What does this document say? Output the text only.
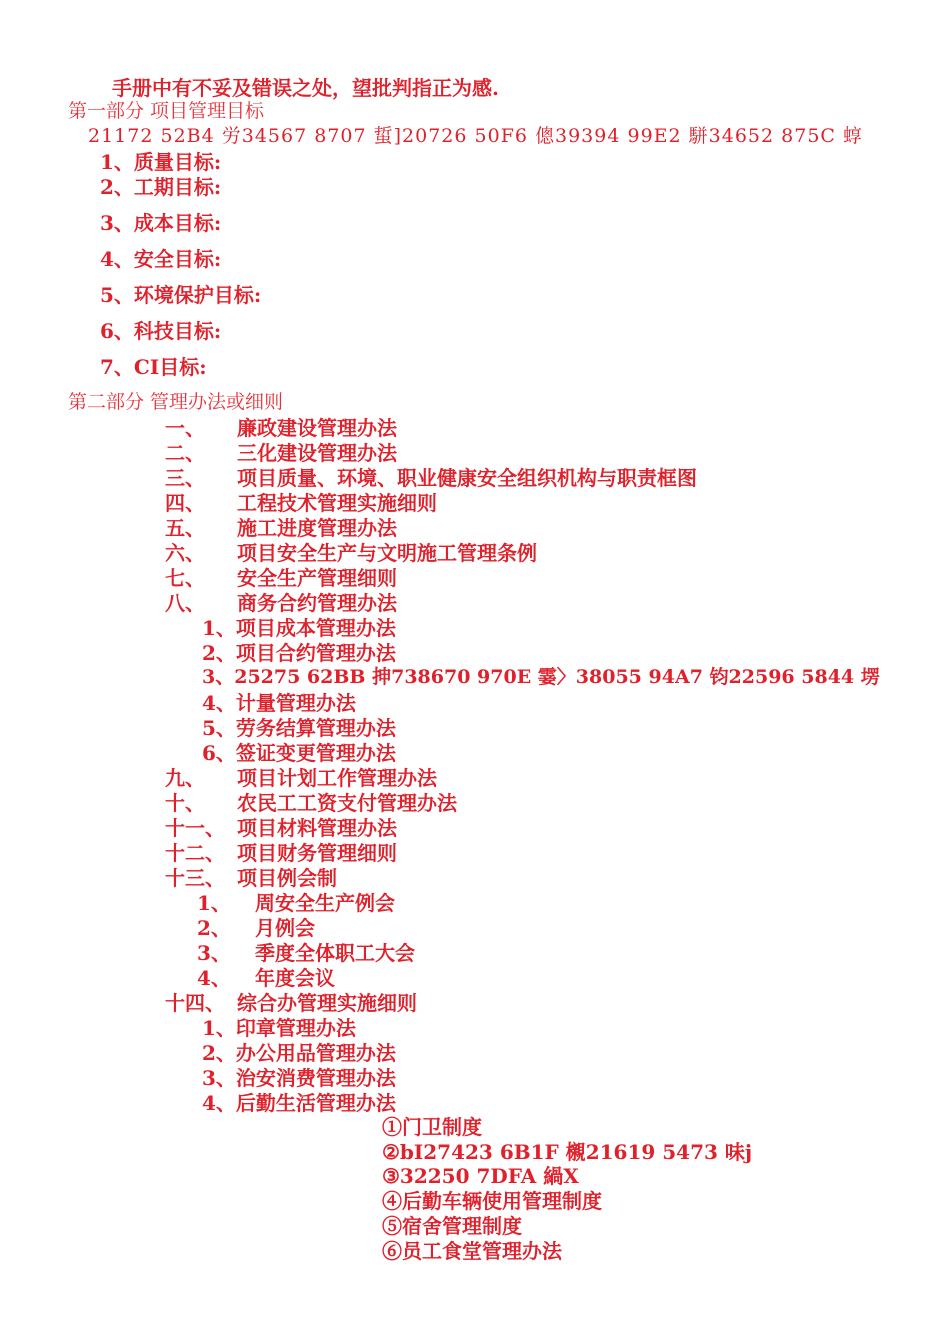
手册中有不妥及错误之处，望批判指正为感.
第一部分 项目管理目标
21172 52B4 労34567 8707 蜇]20726 50F6 傯39394 99E2 駢34652 875C 蜳
1、质量目标:
2、工期目标:
3、成本目标:
4、安全目标:
5、环境保护目标:
6、科技目标:
7、CI目标:
第二部分 管理办法或细则
一、 廉政建设管理办法
二、 三化建设管理办法
三、 项目质量、环境、职业健康安全组织机构与职责框图
四、 工程技术管理实施细则
五、 施工进度管理办法
六、 项目安全生产与文明施工管理条例
七、 安全生产管理细则
八、 商务合约管理办法
1、项目成本管理办法
2、项目合约管理办法
3、25275 62BB 抻738670 970E 霎〉38055 94A7 钧22596 5844 塄
4、计量管理办法
5、劳务结算管理办法
6、签证变更管理办法
九、 项目计划工作管理办法
十、 农民工工资支付管理办法
十一、 项目材料管理办法
十二、 项目财务管理细则
十三、 项目例会制
1、 周安全生产例会
2、 月例会
3、 季度全体职工大会
4、 年度会议
十四、 综合办管理实施细则
1、印章管理办法
2、办公用品管理办法
3、治安消费管理办法
4、后勤生活管理办法
①门卫制度
②bI27423 6B1F 櫬21619 5473 味j
③32250 7DFA 緺X
④后勤车辆使用管理制度
⑤宿舍管理制度
⑥员工食堂管理办法
